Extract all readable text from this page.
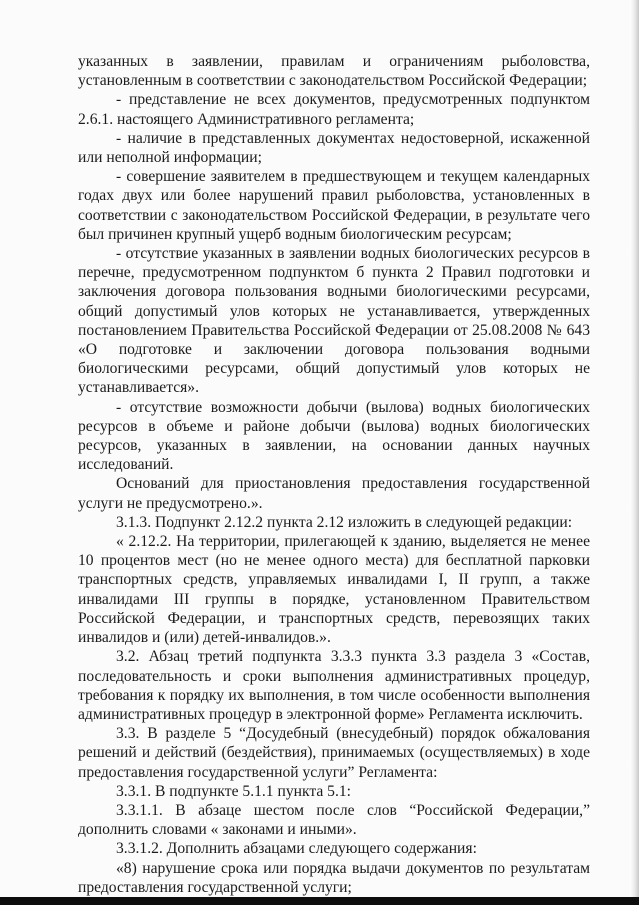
указанных в заявлении, правилам и ограничениям рыболовства, установленным в соответствии с законодательством Российской Федерации;

- представление не всех документов, предусмотренных подпунктом 2.6.1. настоящего Административного регламента;

- наличие в представленных документах недостоверной, искаженной или неполной информации;

- совершение заявителем в предшествующем и текущем календарных годах двух или более нарушений правил рыболовства, установленных в соответствии с законодательством Российской Федерации, в результате чего был причинен крупный ущерб водным биологическим ресурсам;

- отсутствие указанных в заявлении водных биологических ресурсов в перечне, предусмотренном подпунктом б пункта 2 Правил подготовки и заключения договора пользования водными биологическими ресурсами, общий допустимый улов которых не устанавливается, утвержденных постановлением Правительства Российской Федерации от 25.08.2008 № 643 «О подготовке и заключении договора пользования водными биологическими ресурсами, общий допустимый улов которых не устанавливается».

- отсутствие возможности добычи (вылова) водных биологических ресурсов в объеме и районе добычи (вылова) водных биологических ресурсов, указанных в заявлении, на основании данных научных исследований.

Оснований для приостановления предоставления государственной услуги не предусмотрено.».

3.1.3. Подпункт 2.12.2 пункта 2.12 изложить в следующей редакции:

« 2.12.2. На территории, прилегающей к зданию, выделяется не менее 10 процентов мест (но не менее одного места) для бесплатной парковки транспортных средств, управляемых инвалидами I, II групп, а также инвалидами III группы в порядке, установленном Правительством Российской Федерации, и транспортных средств, перевозящих таких инвалидов и (или) детей-инвалидов.».

3.2. Абзац третий подпункта 3.3.3 пункта 3.3 раздела 3 «Состав, последовательность и сроки выполнения административных процедур, требования к порядку их выполнения, в том числе особенности выполнения административных процедур в электронной форме» Регламента исключить.

3.3. В разделе 5 “Досудебный (внесудебный) порядок обжалования решений и действий (бездействия), принимаемых (осуществляемых) в ходе предоставления государственной услуги” Регламента:

3.3.1. В подпункте 5.1.1 пункта 5.1:

3.3.1.1. В абзаце шестом после слов “Российской Федерации,” дополнить словами « законами и иными».

3.3.1.2. Дополнить абзацами следующего содержания:

«8) нарушение срока или порядка выдачи документов по результатам предоставления государственной услуги;
